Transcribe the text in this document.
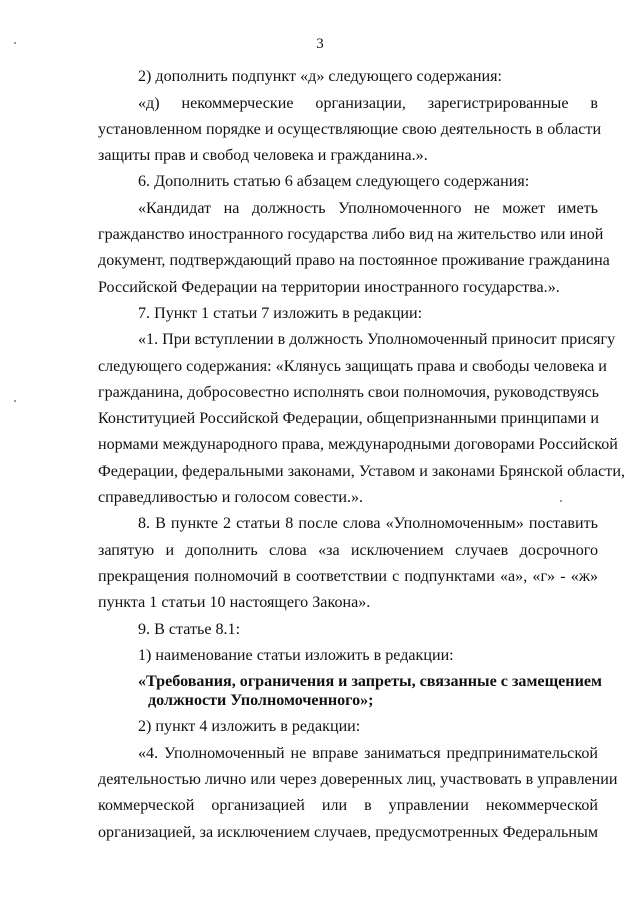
3
2) дополнить подпункт «д» следующего содержания:
«д) некоммерческие организации, зарегистрированные в
установленном порядке и осуществляющие свою деятельность в области
защиты прав и свобод человека и гражданина.».
6. Дополнить статью 6 абзацем следующего содержания:
«Кандидат на должность Уполномоченного не может иметь
гражданство иностранного государства либо вид на жительство или иной
документ, подтверждающий право на постоянное проживание гражданина
Российской Федерации на территории иностранного государства.».
7. Пункт 1 статьи 7 изложить в редакции:
«1. При вступлении в должность Уполномоченный приносит присягу
следующего содержания: «Клянусь защищать права и свободы человека и
гражданина, добросовестно исполнять свои полномочия, руководствуясь
Конституцией Российской Федерации, общепризнанными принципами и
нормами международного права, международными договорами Российской
Федерации, федеральными законами, Уставом и законами Брянской области,
справедливостью и голосом совести.».
8. В пункте 2 статьи 8 после слова «Уполномоченным» поставить
запятую и дополнить слова «за исключением случаев досрочного
прекращения полномочий в соответствии с подпунктами «а», «г» - «ж»
пункта 1 статьи 10 настоящего Закона».
9. В статье 8.1:
1) наименование статьи изложить в редакции:
«Требования, ограничения и запреты, связанные с замещением
должности Уполномоченного»;
2) пункт 4 изложить в редакции:
«4. Уполномоченный не вправе заниматься предпринимательской
деятельностью лично или через доверенных лиц, участвовать в управлении
коммерческой организацией или в управлении некоммерческой
организацией, за исключением случаев, предусмотренных Федеральным
